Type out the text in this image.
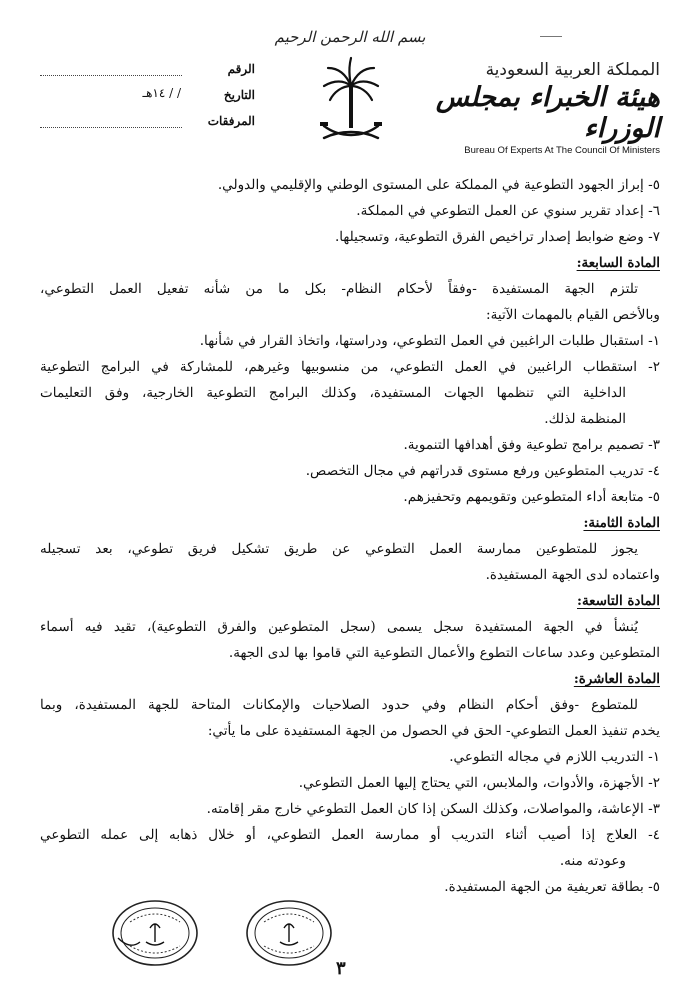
بسم الله الرحمن الرحيم
الرقم
التاريخ
/ / ١٤هـ
المرفقات
المملكة العربية السعودية
هيئة الخبراء بمجلس الوزراء
Bureau Of Experts At The Council Of Ministers
٥- إبراز الجهود التطوعية في المملكة على المستوى الوطني والإقليمي والدولي.
٦- إعداد تقرير سنوي عن العمل التطوعي في المملكة.
٧- وضع ضوابط إصدار تراخيص الفرق التطوعية، وتسجيلها.
المادة السابعة:
تلتزم الجهة المستفيدة -وفقاً لأحكام النظام- بكل ما من شأنه تفعيل العمل التطوعي،
وبالأخص القيام بالمهمات الآتية:
١- استقبال طلبات الراغبين في العمل التطوعي، ودراستها، واتخاذ القرار في شأنها.
٢- استقطاب الراغبين في العمل التطوعي، من منسوبيها وغيرهم، للمشاركة في البرامج التطوعية
الداخلية التي تنظمها الجهات المستفيدة، وكذلك البرامج التطوعية الخارجية، وفق التعليمات
المنظمة لذلك.
٣- تصميم برامج تطوعية وفق أهدافها التنموية.
٤- تدريب المتطوعين ورفع مستوى قدراتهم في مجال التخصص.
٥- متابعة أداء المتطوعين وتقويمهم وتحفيزهم.
المادة الثامنة:
يجوز للمتطوعين ممارسة العمل التطوعي عن طريق تشكيل فريق تطوعي، بعد تسجيله
واعتماده لدى الجهة المستفيدة.
المادة التاسعة:
يُنشأ في الجهة المستفيدة سجل يسمى (سجل المتطوعين والفرق التطوعية)، تقيد فيه أسماء
المتطوعين وعدد ساعات التطوع والأعمال التطوعية التي قاموا بها لدى الجهة.
المادة العاشرة:
للمتطوع -وفق أحكام النظام وفي حدود الصلاحيات والإمكانات المتاحة للجهة المستفيدة، وبما
يخدم تنفيذ العمل التطوعي- الحق في الحصول من الجهة المستفيدة على ما يأتي:
١- التدريب اللازم في مجاله التطوعي.
٢- الأجهزة، والأدوات، والملابس، التي يحتاج إليها العمل التطوعي.
٣- الإعاشة، والمواصلات، وكذلك السكن إذا كان العمل التطوعي خارج مقر إقامته.
٤- العلاج إذا أصيب أثناء التدريب أو ممارسة العمل التطوعي، أو خلال ذهابه إلى عمله التطوعي
وعودته منه.
٥- بطاقة تعريفية من الجهة المستفيدة.
٣
